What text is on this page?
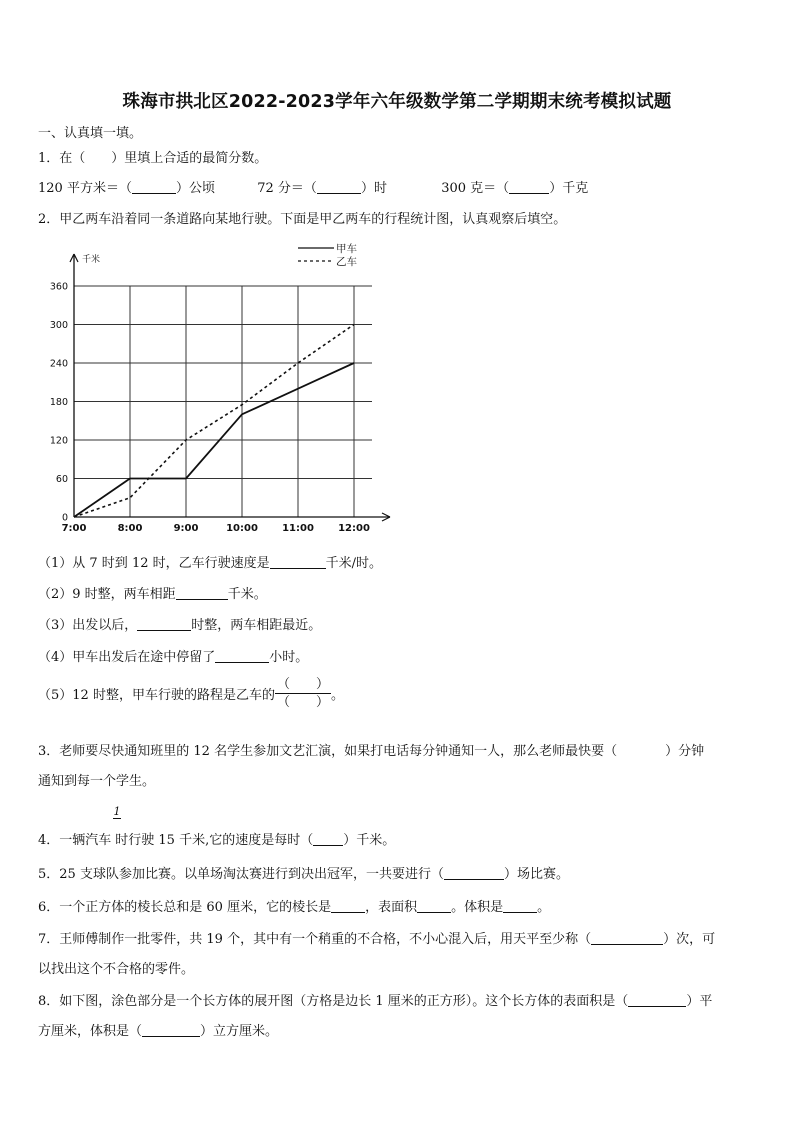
珠海市拱北区2022-2023学年六年级数学第二学期期末统考模拟试题
一、认真填一填。
1．在（　　）里填上合适的最简分数。
120 平方米＝（	）公顷	72 分＝（	）时	300 克＝（	）千克
2．甲乙两车沿着同一条道路向某地行驶。下面是甲乙两车的行程统计图，认真观察后填空。
千米
0
60
120
180
240
300
360
7:00	8:00	9:00	10:00 11:00 12:00
甲车
乙车
（1）从 7 时到 12 时，乙车行驶速度是	千米/时。
（2）9 时整，两车相距	千米。
（3）出发以后，	时整，两车相距最近。
（4）甲车出发后在途中停留了	小时。
（5）12 时整，甲车行驶的路程是乙车的 $\frac{( )}{( )}$ 。
3．老师要尽快通知班里的 12 名学生参加文艺汇演，如果打电话每分钟通知一人，那么老师最快要（	）分钟
通知到每一个学生。
1
4．一辆汽车 时行驶 15 千米,它的速度是每时（ ）千米。
5．25 支球队参加比赛。以单场淘汰赛进行到决出冠军，一共要进行（	）场比赛。
6．一个正方体的棱长总和是 60 厘米，它的棱长是	，表面积	。体积是	。
7．王师傅制作一批零件，共 19 个，其中有一个稍重的不合格，不小心混入后，用天平至少称（	）次，可
以找出这个不合格的零件。
8．如下图，涂色部分是一个长方体的展开图（方格是边长 1 厘米的正方形）。这个长方体的表面积是（	）平
方厘米，体积是（	）立方厘米。
